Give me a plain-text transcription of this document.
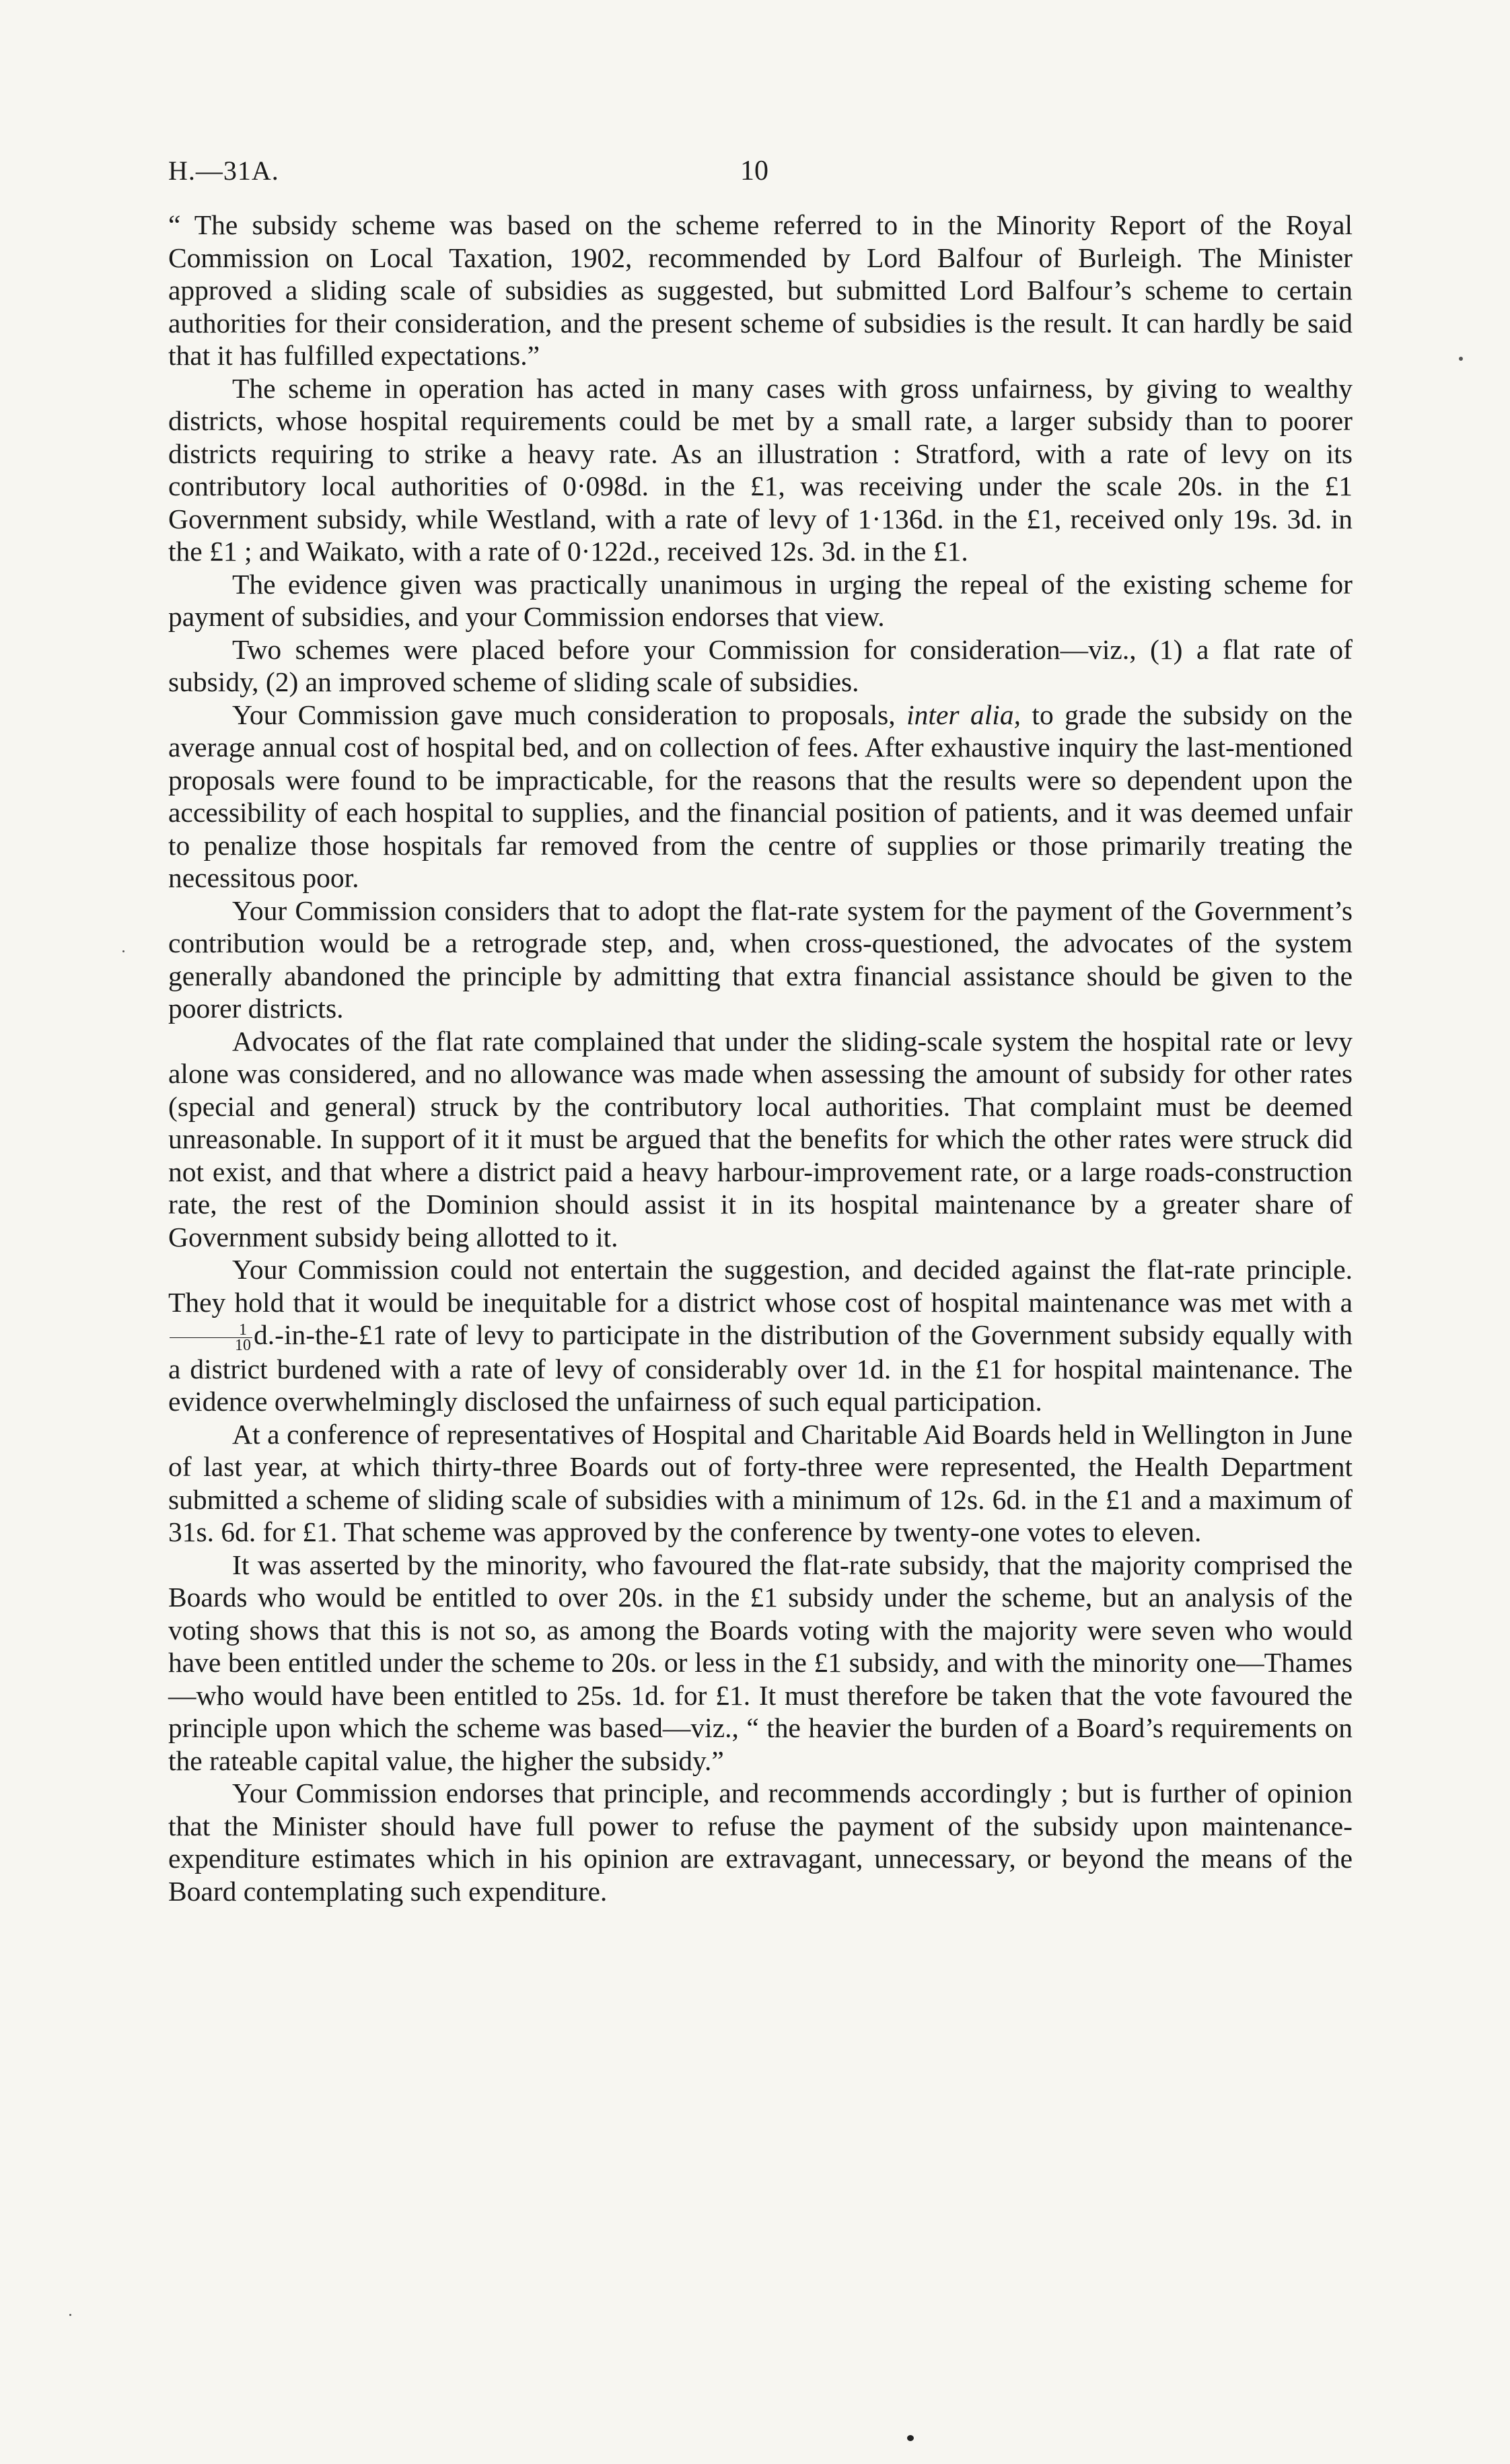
H.—31A.	10

“ The subsidy scheme was based on the scheme referred to in the Minority Report of the Royal Commission on Local Taxation, 1902, recommended by Lord Balfour of Burleigh. The Minister approved a sliding scale of subsidies as suggested, but submitted Lord Balfour’s scheme to certain authorities for their consideration, and the present scheme of subsidies is the result. It can hardly be said that it has fulfilled expectations.”

The scheme in operation has acted in many cases with gross unfairness, by giving to wealthy districts, whose hospital requirements could be met by a small rate, a larger subsidy than to poorer districts requiring to strike a heavy rate. As an illustration : Stratford, with a rate of levy on its contributory local authorities of 0·098d. in the £1, was receiving under the scale 20s. in the £1 Government subsidy, while Westland, with a rate of levy of 1·136d. in the £1, received only 19s. 3d. in the £1 ; and Waikato, with a rate of 0·122d., received 12s. 3d. in the £1.

The evidence given was practically unanimous in urging the repeal of the existing scheme for payment of subsidies, and your Commission endorses that view.

Two schemes were placed before your Commission for consideration—viz., (1) a flat rate of subsidy, (2) an improved scheme of sliding scale of subsidies.

Your Commission gave much consideration to proposals, inter alia, to grade the subsidy on the average annual cost of hospital bed, and on collection of fees. After exhaustive inquiry the last-mentioned proposals were found to be impracticable, for the reasons that the results were so dependent upon the accessibility of each hospital to supplies, and the financial position of patients, and it was deemed unfair to penalize those hospitals far removed from the centre of supplies or those primarily treating the necessitous poor.

Your Commission considers that to adopt the flat-rate system for the payment of the Government’s contribution would be a retrograde step, and, when cross-questioned, the advocates of the system generally abandoned the principle by admitting that extra financial assistance should be given to the poorer districts.

Advocates of the flat rate complained that under the sliding-scale system the hospital rate or levy alone was considered, and no allowance was made when assessing the amount of subsidy for other rates (special and general) struck by the contributory local authorities. That complaint must be deemed unreasonable. In support of it it must be argued that the benefits for which the other rates were struck did not exist, and that where a district paid a heavy harbour-improvement rate, or a large roads-construction rate, the rest of the Dominion should assist it in its hospital maintenance by a greater share of Government subsidy being allotted to it.

Your Commission could not entertain the suggestion, and decided against the flat-rate principle. They hold that it would be inequitable for a district whose cost of hospital maintenance was met with a
$\frac{1}{10}$ d.-in-the-£1 rate of levy to participate in the distribution of the Government subsidy equally with a district burdened with a rate of levy of considerably over 1d. in the £1 for hospital maintenance. The evidence overwhelmingly disclosed the unfairness of such equal participation.

At a conference of representatives of Hospital and Charitable Aid Boards held in Wellington in June of last year, at which thirty-three Boards out of forty-three were represented, the Health Department submitted a scheme of sliding scale of subsidies with a minimum of 12s. 6d. in the £1 and a maximum of 31s. 6d. for £1. That scheme was approved by the conference by twenty-one votes to eleven.

It was asserted by the minority, who favoured the flat-rate subsidy, that the majority comprised the Boards who would be entitled to over 20s. in the £1 subsidy under the scheme, but an analysis of the voting shows that this is not so, as among the Boards voting with the majority were seven who would have been entitled under the scheme to 20s. or less in the £1 subsidy, and with the minority one—Thames—who would have been entitled to 25s. 1d. for £1. It must therefore be taken that the vote favoured the principle upon which the scheme was based—viz., “ the heavier the burden of a Board’s requirements on the rateable capital value, the higher the subsidy.”

Your Commission endorses that principle, and recommends accordingly ; but is further of opinion that the Minister should have full power to refuse the payment of the subsidy upon maintenance-expenditure estimates which in his opinion are extravagant, unnecessary, or beyond the means of the Board contemplating such expenditure.
